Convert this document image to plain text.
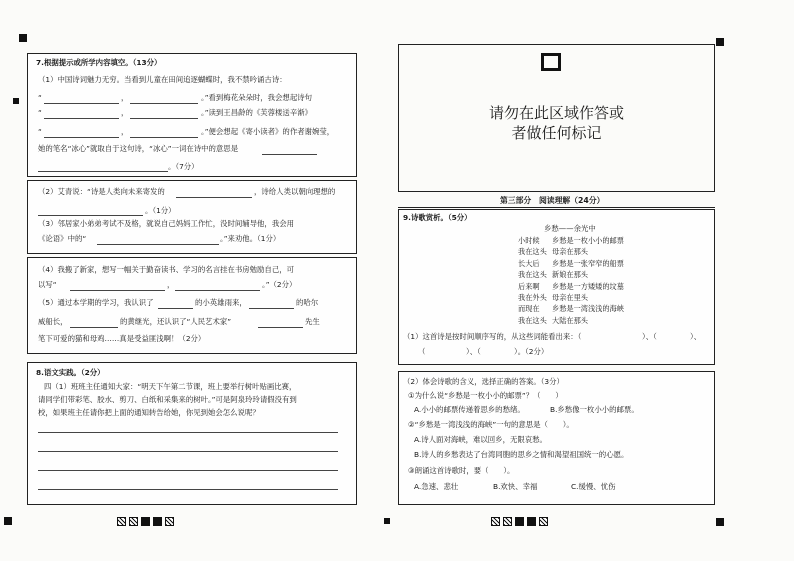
7.根据提示或所学内容填空。（13分）
（1）中国诗词魅力无穷。当看到儿童在田间追逐蝴蝶时，我不禁吟诵古诗：
“	，	。”看到梅花朵朵时，我会想起诗句
“	，	。”读到王昌龄的《芙蓉楼送辛渐》
“	，	。”便会想起《寄小读者》的作者谢婉莹，
她的笔名“冰心”就取自于这句诗，“冰心”一词在诗中的意思是
。（7分）
（2）艾青说：“诗是人类向未来寄发的	，诗给人类以朝向理想的
。（1分）
（3）邻居家小弟弟考试不及格，就说自己妈妈工作忙，没时间辅导他，我会用
《论语》中的“	。”来劝他。（1分）
（4）我搬了新家，想写一幅关于勤奋读书、学习的名言挂在书房勉励自己，可
以写“	，	。”（2分）
（5）通过本学期的学习，我认识了	的小英雄雨来，	的哈尔
威船长，	的黄继光，还认识了“人民艺术家”	先生
笔下可爱的猫和母鸡……真是受益匪浅啊！（2分）
8.语文实践。（2分）
四（1）班班主任通知大家：“明天下午第二节课，班上要举行树叶贴画比赛，
请同学们带彩笔、胶水、剪刀、白纸和采集来的树叶。”可是阿泉玲玲请假没有到
校，如果班主任请你把上面的通知转告给她，你见到她会怎么说呢？
请勿在此区域作答或
者做任何标记
第三部分　阅读理解（24分）
9.诗歌赏析。（5分）
乡愁——余光中
小时候	乡愁是一枚小小的邮票
我在这头 母亲在那头
长大后	乡愁是一张窄窄的船票
我在这头 新娘在那头
后来啊	乡愁是一方矮矮的坟墓
我在外头 母亲在里头
而现在	乡愁是一湾浅浅的海峡
我在这头 大陆在那头
（1）这首诗是按时间顺序写的，从这些词能看出来：（	）、（	）、
（	）、（	）。（2分）
（2）体会诗歌的含义，选择正确的答案。（3分）
①为什么说“乡愁是一枚小小的邮票”？（　　）
A.小小的邮票传递着思乡的愁绪。	B.乡愁像一枚小小的邮票。
②“乡愁是一湾浅浅的海峡”一句的意思是（　　）。
A.诗人面对海峡，难以回乡，无限哀愁。
B.诗人的乡愁表达了台湾同胞的思乡之情和渴望祖国统一的心愿。
③朗诵这首诗歌时，要（　　）。
A.急速、悲壮	B.欢快、幸福	C.缓慢、忧伤
